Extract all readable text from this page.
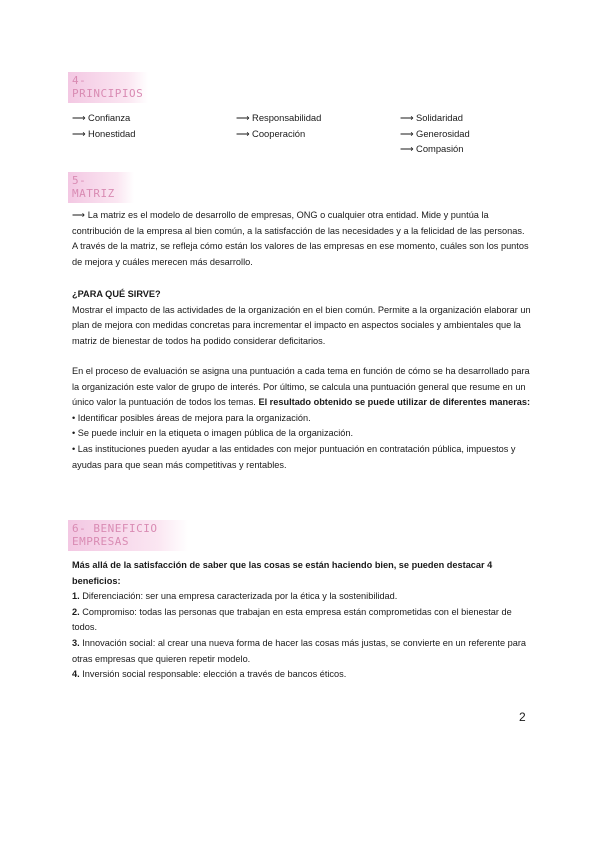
4- PRINCIPIOS
⟶ Confianza
⟶ Honestidad
⟶ Responsabilidad
⟶ Cooperación
⟶ Solidaridad
⟶ Generosidad
⟶ Compasión
5- MATRIZ

⟶ La matriz es el modelo de desarrollo de empresas, ONG o cualquier otra entidad. Mide y puntúa la contribución de la empresa al bien común, a la satisfacción de las necesidades y a la felicidad de las personas. A través de la matriz, se refleja cómo están los valores de las empresas en ese momento, cuáles son los puntos de mejora y cuáles merecen más desarrollo.

¿PARA QUÉ SIRVE?

Mostrar el impacto de las actividades de la organización en el bien común. Permite a la organización elaborar un plan de mejora con medidas concretas para incrementar el impacto en aspectos sociales y ambientales que la matriz de bienestar de todos ha podido considerar deficitarios.

En el proceso de evaluación se asigna una puntuación a cada tema en función de cómo se ha desarrollado para la organización este valor de grupo de interés. Por último, se calcula una puntuación general que resume en un único valor la puntuación de todos los temas. El resultado obtenido se puede utilizar de diferentes maneras:

• Identificar posibles áreas de mejora para la organización.

• Se puede incluir en la etiqueta o imagen pública de la organización.

• Las instituciones pueden ayudar a las entidades con mejor puntuación en contratación pública, impuestos y ayudas para que sean más competitivas y rentables.

6- BENEFICIO EMPRESAS

Más allá de la satisfacción de saber que las cosas se están haciendo bien, se pueden destacar 4 beneficios:

1. Diferenciación: ser una empresa caracterizada por la ética y la sostenibilidad.

2. Compromiso: todas las personas que trabajan en esta empresa están comprometidas con el bienestar de todos.

3. Innovación social: al crear una nueva forma de hacer las cosas más justas, se convierte en un referente para otras empresas que quieren repetir modelo.

4. Inversión social responsable: elección a través de bancos éticos.

2
